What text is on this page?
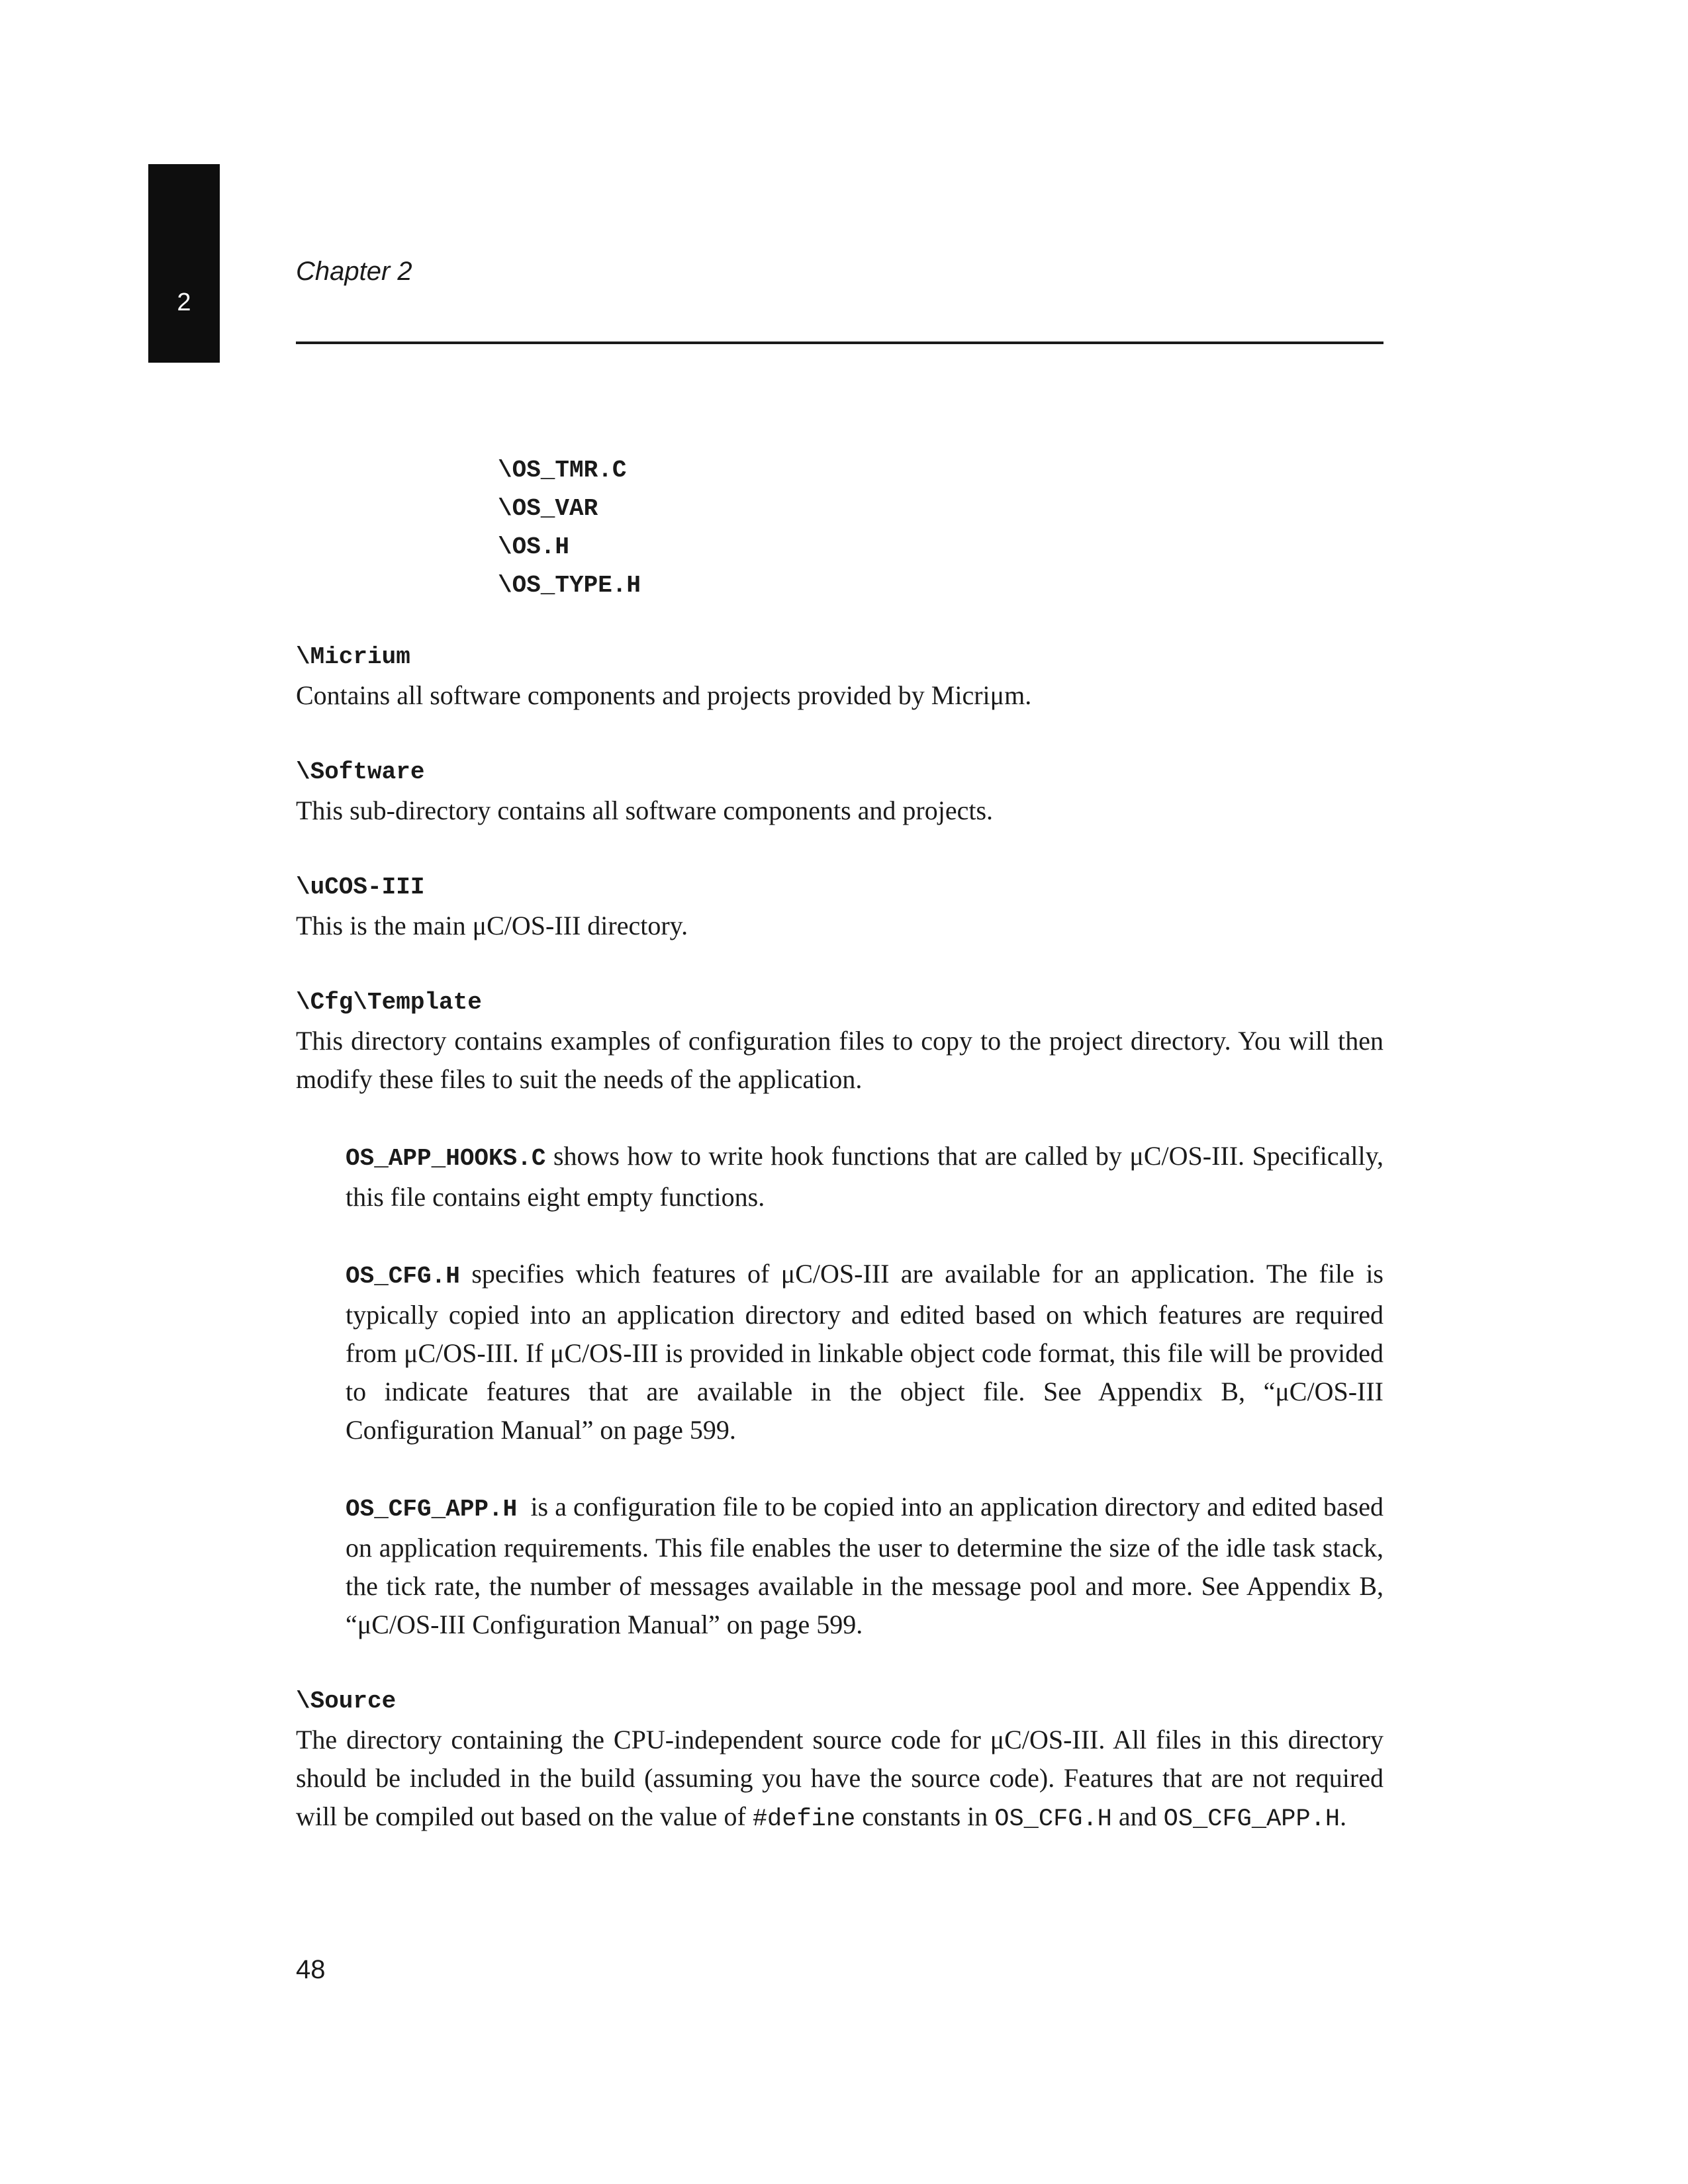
2
Chapter 2
\OS_TMR.C
\OS_VAR
\OS.H
\OS_TYPE.H

\Micrium

Contains all software components and projects provided by Micriμm.

\Software

This sub-directory contains all software components and projects.

\uCOS-III

This is the main μC/OS-III directory.

\Cfg\Template

This directory contains examples of configuration files to copy to the project directory. You will then modify these files to suit the needs of the application.

OS_APP_HOOKS.C shows how to write hook functions that are called by μC/OS-III. Specifically, this file contains eight empty functions.

OS_CFG.H specifies which features of μC/OS-III are available for an application. The file is typically copied into an application directory and edited based on which features are required from μC/OS-III. If μC/OS-III is provided in linkable object code format, this file will be provided to indicate features that are available in the object file. See Appendix B, “μC/OS-III Configuration Manual” on page 599.

OS_CFG_APP.H is a configuration file to be copied into an application directory and edited based on application requirements. This file enables the user to determine the size of the idle task stack, the tick rate, the number of messages available in the message pool and more. See Appendix B, “μC/OS-III Configuration Manual” on page 599.

\Source

The directory containing the CPU-independent source code for μC/OS-III. All files in this directory should be included in the build (assuming you have the source code). Features that are not required will be compiled out based on the value of #define constants in OS_CFG.H and OS_CFG_APP.H.

48
